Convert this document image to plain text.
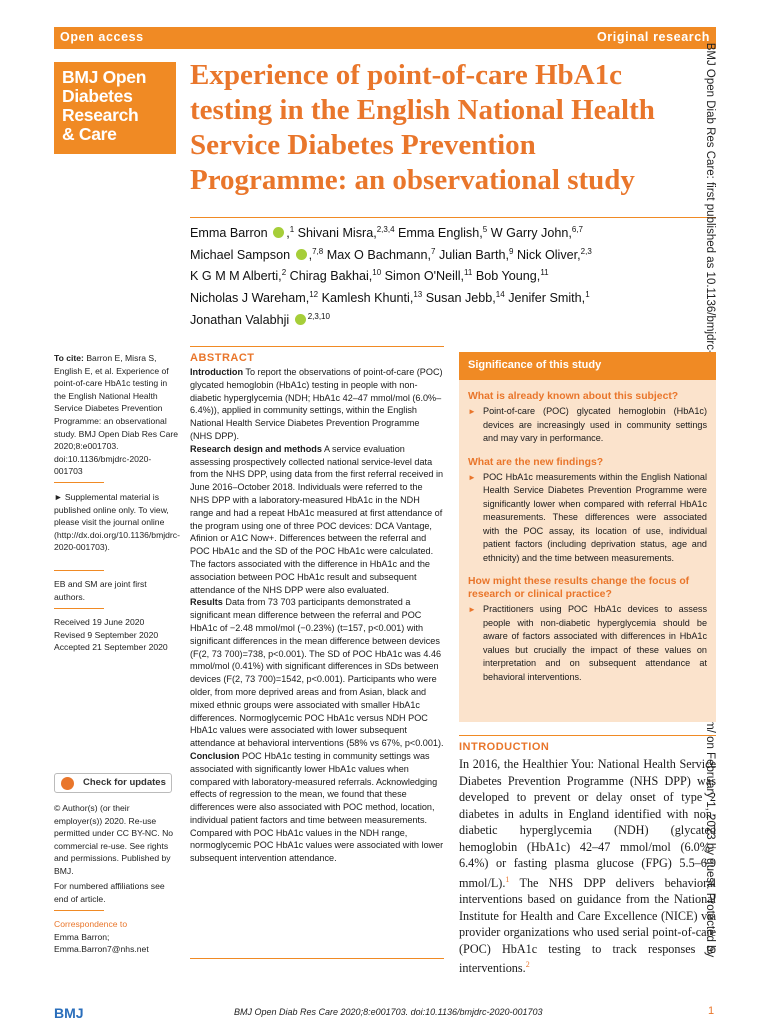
Open access	Original research
BMJ Open
Diabetes
Research
& Care
Experience of point-of-care HbA1c testing in the English National Health Service Diabetes Prevention Programme: an observational study
Emma Barron ,$^1$ Shivani Misra,$^{2,3,4}$ Emma English,$^5$ W Garry John,$^{6,7}$
Michael Sampson ,$^{7,8}$ Max O Bachmann,$^7$ Julian Barth,$^9$ Nick Oliver,$^{2,3}$
K G M M Alberti,$^2$ Chirag Bakhai,$^{10}$ Simon O'Neill,$^{11}$ Bob Young,$^{11}$
Nicholas J Wareham,$^{12}$ Kamlesh Khunti,$^{13}$ Susan Jebb,$^{14}$ Jenifer Smith,$^1$
Jonathan Valabhji $^{2,3,10}$
To cite: Barron E, Misra S, English E, et al. Experience of point-of-care HbA1c testing in the English National Health Service Diabetes Prevention Programme: an observational study. BMJ Open Diab Res Care 2020;8:e001703. doi:10.1136/bmjdrc-2020-001703
► Supplemental material is published online only. To view, please visit the journal online (http://dx.doi.org/10.1136/bmjdrc-2020-001703).
EB and SM are joint first authors.
Received 19 June 2020
Revised 9 September 2020
Accepted 21 September 2020
Check for updates
© Author(s) (or their employer(s)) 2020. Re-use permitted under CC BY-NC. No commercial re-use. See rights and permissions. Published by BMJ.
For numbered affiliations see end of article.
Correspondence to
Emma Barron;
Emma.Barron7@nhs.net
ABSTRACT

Introduction To report the observations of point-of-care (POC) glycated hemoglobin (HbA1c) testing in people with non-diabetic hyperglycemia (NDH; HbA1c 42–47 mmol/mol (6.0%–6.4%)), applied in community settings, within the English National Health Service Diabetes Prevention Programme (NHS DPP).

Research design and methods A service evaluation assessing prospectively collected national service-level data from the NHS DPP, using data from the first referral received in June 2016–October 2018. Individuals were referred to the NHS DPP with a laboratory-measured HbA1c in the NDH range and had a repeat HbA1c measured at first attendance of the program using one of three POC devices: DCA Vantage, Afinion or A1C Now+. Differences between the referral and POC HbA1c and the SD of the POC HbA1c were calculated. The factors associated with the difference in HbA1c and the association between POC HbA1c result and subsequent attendance of the NHS DPP were also evaluated.

Results Data from 73 703 participants demonstrated a significant mean difference between the referral and POC HbA1c of −2.48 mmol/mol (−0.23%) (t=157, p<0.001) with significant differences in the mean difference between devices (F(2, 73 700)=738, p<0.001). The SD of POC HbA1c was 4.46 mmol/mol (0.41%) with significant differences in SDs between devices (F(2, 73 700)=1542, p<0.001). Participants who were older, from more deprived areas and from Asian, black and mixed ethnic groups were associated with smaller HbA1c differences. Normoglycemic POC HbA1c versus NDH POC HbA1c values were associated with lower subsequent attendance at behavioral interventions (58% vs 67%, p<0.001).

Conclusion POC HbA1c testing in community settings was associated with significantly lower HbA1c values when compared with laboratory-measured referrals. Acknowledging effects of regression to the mean, we found that these differences were also associated with POC method, location, individual patient factors and time between measurements. Compared with POC HbA1c values in the NDH range, normoglycemic POC HbA1c values were associated with lower subsequent intervention attendance.

Significance of this study
What is already known about this subject?
► Point-of-care (POC) glycated hemoglobin (HbA1c) devices are increasingly used in community settings and may vary in performance.
What are the new findings?
► POC HbA1c measurements within the English National Health Service Diabetes Prevention Programme were significantly lower when compared with referral HbA1c measurements. These differences were associated with the POC assay, its location of use, individual patient factors (including deprivation status, age and ethnicity) and the time between measurements.
How might these results change the focus of research or clinical practice?
► Practitioners using POC HbA1c devices to assess people with non-diabetic hyperglycemia should be aware of factors associated with differences in HbA1c values but crucially the impact of these values on interpretation and on subsequent attendance at behavioral interventions.
INTRODUCTION
In 2016, the Healthier You: National Health Service Diabetes Prevention Programme (NHS DPP) was developed to prevent or delay onset of type 2 diabetes in adults in England identified with non-diabetic hyperglycemia (NDH) (glycated hemoglobin (HbA1c) 42–47 mmol/mol (6.0%–6.4%) or fasting plasma glucose (FPG) 5.5–6.9 mmol/L).$^1$ The NHS DPP delivers behavioral interventions based on guidance from the National Institute for Health and Care Excellence (NICE) via provider organizations who used serial point-of-care (POC) HbA1c testing to track responses to interventions.$^2$
BMJ	BMJ Open Diab Res Care 2020;8:e001703. doi:10.1136/bmjdrc-2020-001703	1
